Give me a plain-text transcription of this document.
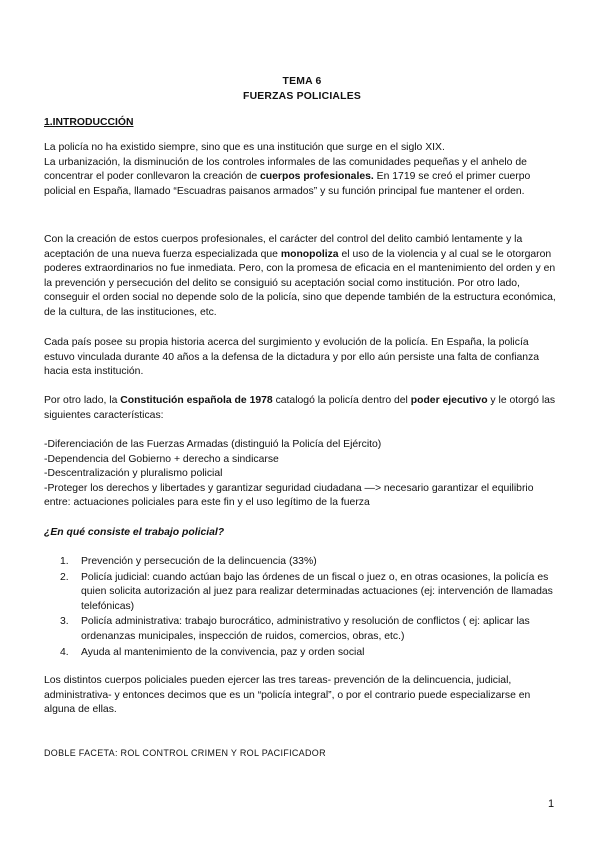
TEMA 6
FUERZAS POLICIALES
1.INTRODUCCIÓN

La policía no ha existido siempre, sino que es una institución que surge en el siglo XIX.
La urbanización, la disminución de los controles informales de las comunidades pequeñas y el anhelo de concentrar el poder conllevaron la creación de cuerpos profesionales. En 1719 se creó el primer cuerpo policial en España, llamado “Escuadras paisanos armados” y su función principal fue mantener el orden.

Con la creación de estos cuerpos profesionales, el carácter del control del delito cambió lentamente y la aceptación de una nueva fuerza especializada que monopoliza el uso de la violencia y al cual se le otorgaron poderes extraordinarios no fue inmediata. Pero, con la promesa de eficacia en el mantenimiento del orden y en la prevención y persecución del delito se consiguió su aceptación social como institución. Por otro lado, conseguir el orden social no depende solo de la policía, sino que depende también de la estructura económica, de la cultura, de las instituciones, etc.

Cada país posee su propia historia acerca del surgimiento y evolución de la policía. En España, la policía estuvo vinculada durante 40 años a la defensa de la dictadura y por ello aún persiste una falta de confianza hacia esta institución.

Por otro lado, la Constitución española de 1978 catalogó la policía dentro del poder ejecutivo y le otorgó las siguientes características:

-Diferenciación de las Fuerzas Armadas (distinguió la Policía del Ejército)
-Dependencia del Gobierno + derecho a sindicarse
-Descentralización y pluralismo policial
-Proteger los derechos y libertades y garantizar seguridad ciudadana —> necesario garantizar el equilibrio entre: actuaciones policiales para este fin y el uso legítimo de la fuerza
¿En qué consiste el trabajo policial?
1. Prevención y persecución de la delincuencia (33%)
2. Policía judicial: cuando actúan bajo las órdenes de un fiscal o juez o, en otras ocasiones, la policía es quien solicita autorización al juez para realizar determinadas actuaciones (ej: intervención de llamadas telefónicas)
3. Policía administrativa: trabajo burocrático, administrativo y resolución de conflictos ( ej: aplicar las ordenanzas municipales, inspección de ruidos, comercios, obras, etc.)
4. Ayuda al mantenimiento de la convivencia, paz y orden social

Los distintos cuerpos policiales pueden ejercer las tres tareas- prevención de la delincuencia, judicial, administrativa- y entonces decimos que es un “policía integral”, o por el contrario puede especializarse en alguna de ellas.

DOBLE FACETA: ROL CONTROL CRIMEN Y ROL PACIFICADOR
1
